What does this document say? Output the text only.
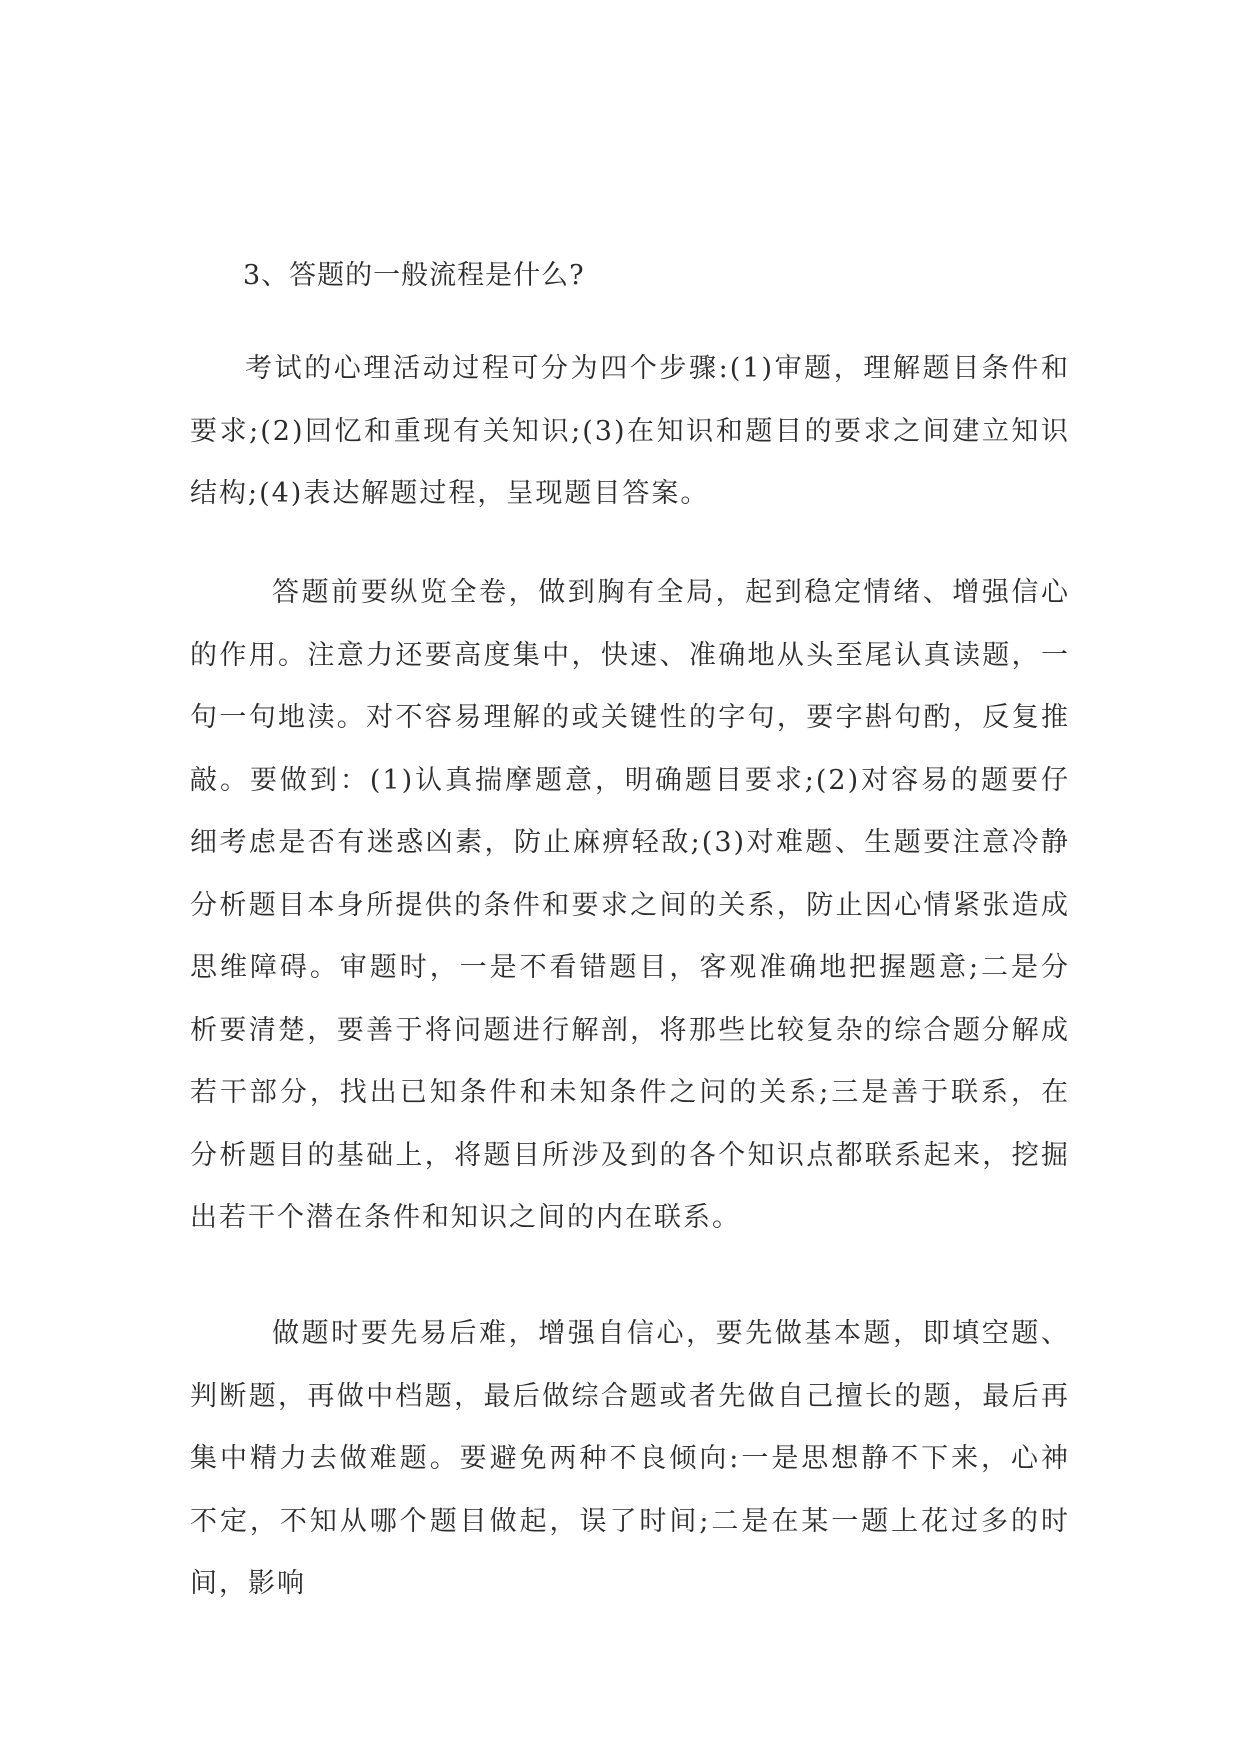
3、答题的一般流程是什么?

考试的心理活动过程可分为四个步骤:(1)审题，理解题目条件和要求;(2)回忆和重现有关知识;(3)在知识和题目的要求之间建立知识结构;(4)表达解题过程，呈现题目答案。

答题前要纵览全卷，做到胸有全局，起到稳定情绪、增强信心的作用。注意力还要高度集中，快速、准确地从头至尾认真读题，一句一句地渎。对不容易理解的或关键性的字句，要字斟句酌，反复推敲。要做到：(1)认真揣摩题意，明确题目要求;(2)对容易的题要仔细考虑是否有迷惑凶素，防止麻痹轻敌;(3)对难题、生题要注意冷静分析题目本身所提供的条件和要求之间的关系，防止因心情紧张造成思维障碍。审题时，一是不看错题目，客观准确地把握题意;二是分析要清楚，要善于将问题进行解剖，将那些比较复杂的综合题分解成若干部分，找出已知条件和未知条件之问的关系;三是善于联系，在分析题目的基础上，将题目所涉及到的各个知识点都联系起来，挖掘出若干个潜在条件和知识之间的内在联系。

做题时要先易后难，增强自信心，要先做基本题，即填空题、判断题，再做中档题，最后做综合题或者先做自己擅长的题，最后再集中精力去做难题。要避免两种不良倾向:一是思想静不下来，心神不定，不知从哪个题目做起，误了时间;二是在某一题上花过多的时间，影响
